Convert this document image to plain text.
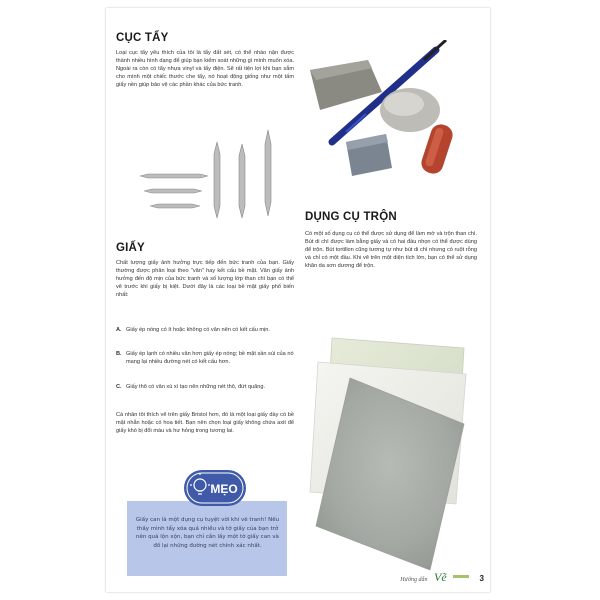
CỤC TẨY
Loại cục tẩy yêu thích của tôi là tẩy đất sét, có thể nhào nặn được thành nhiều hình dạng để giúp bạn kiểm soát những gì mình muốn xóa. Ngoài ra còn có tẩy nhựa vinyl và tẩy điện. Sẽ rất tiện lợi khi bạn sắm cho mình một chiếc thước che tẩy, nó hoạt động giống như một tấm giấy nền giúp bảo vệ các phần khác của bức tranh.
DỤNG CỤ TRỘN
Có một số dụng cụ có thể được sử dụng để làm mờ và trộn than chì. Bút di chì được làm bằng giấy và có hai đầu nhọn có thể được dùng để trộn. Bút tortillon cũng tương tự như bút di chì nhưng có ruột rỗng và chỉ có một đầu. Khi vẽ trên một diện tích lớn, bạn có thể sử dụng khăn da sơn dương để trộn.
GIẤY
Chất lượng giấy ảnh hưởng trực tiếp đến bức tranh của bạn. Giấy thường được phân loại theo "vân" hay kết cấu bề mặt. Vân giấy ảnh hưởng đến độ mịn của bức tranh và số lượng lớp than chì bạn có thể vẽ trước khi giấy bị kiệt. Dưới đây là các loại bề mặt giấy phổ biến nhất:
A. Giấy ép nóng có ít hoặc không có vân nên có kết cấu mịn.
B. Giấy ép lạnh có nhiều vân hơn giấy ép nóng; bề mặt sần sùi của nó mang lại nhiều đường nét có kết cấu hơn.
C. Giấy thô có vân xù xì tạo nên những nét thô, đứt quãng.
Cá nhân tôi thích vẽ trên giấy Bristol hơn, đó là một loại giấy dày có bề mặt nhẵn hoặc có hoa tiết. Bạn nên chọn loại giấy không chứa axit để giấy khó bị đổi màu và hư hỏng trong tương lai.
Giấy can là một dụng cụ tuyệt vời khi vẽ tranh! Nếu thấy mình tẩy xóa quá nhiều và tờ giấy của bạn trở nên quá lộn xộn, bạn chỉ cần lấy một tờ giấy can và đồ lại những đường nét chính xác nhất.
MẸO
Hướng dẫn Vẽ	3
